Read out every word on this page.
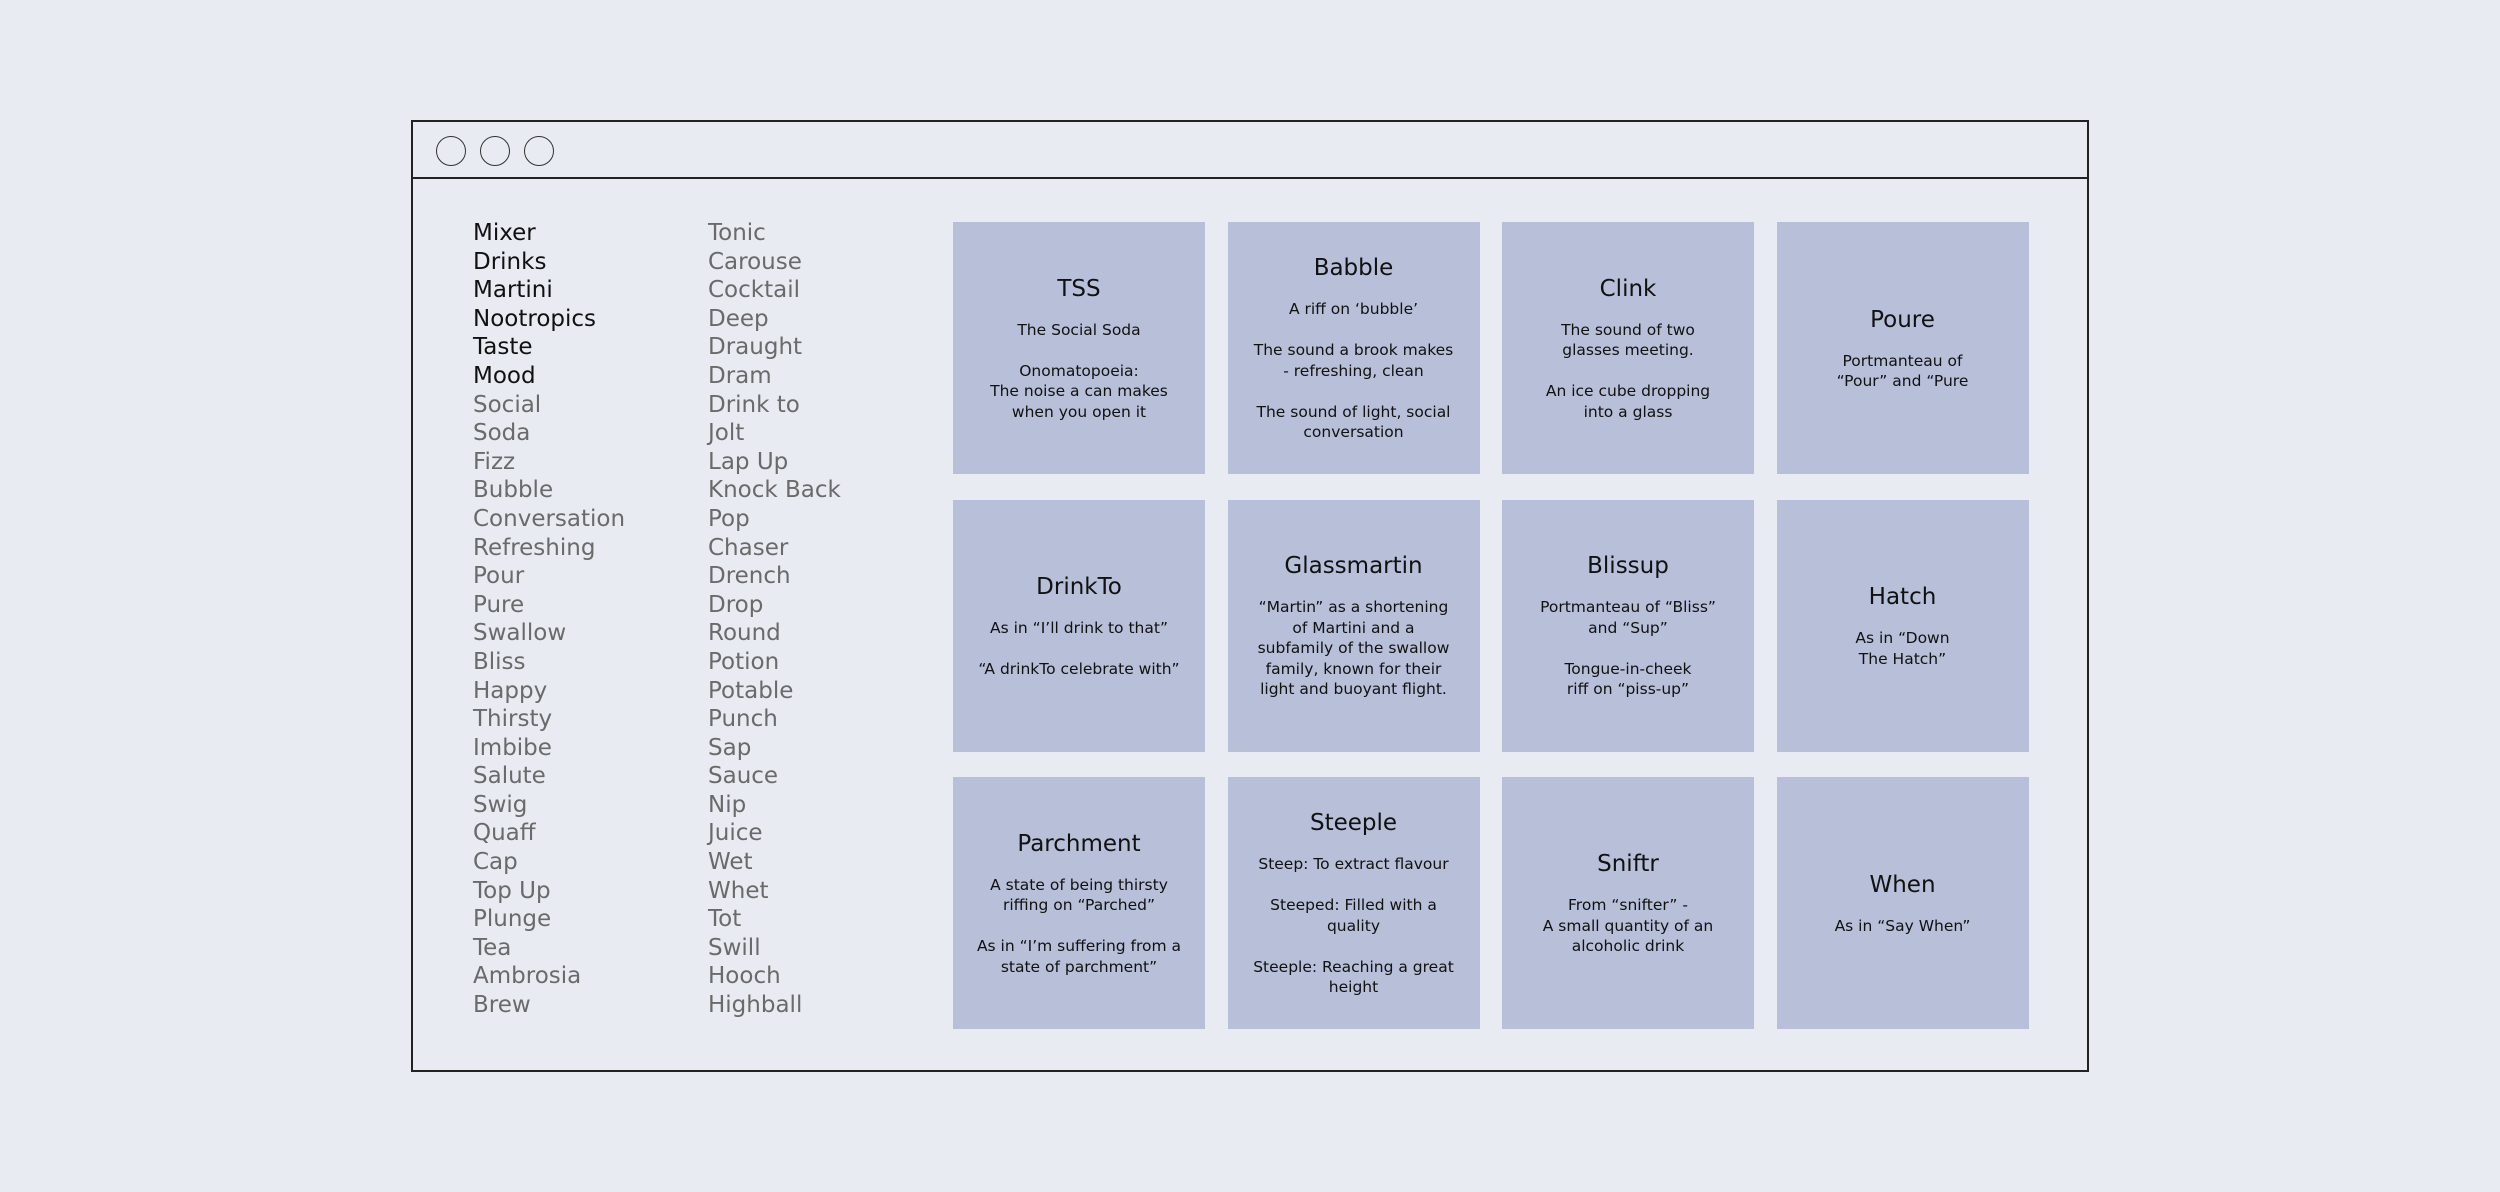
Mixer
Drinks
Martini
Nootropics
Taste
Mood
Social
Soda
Fizz
Bubble
Conversation
Refreshing
Pour
Pure
Swallow
Bliss
Happy
Thirsty
Imbibe
Salute
Swig
Quaff
Cap
Top Up
Plunge
Tea
Ambrosia
Brew
Tonic
Carouse
Cocktail
Deep
Draught
Dram
Drink to
Jolt
Lap Up
Knock Back
Pop
Chaser
Drench
Drop
Round
Potion
Potable
Punch
Sap
Sauce
Nip
Juice
Wet
Whet
Tot
Swill
Hooch
Highball
TSS
The Social Soda

Onomatopoeia:
The noise a can makes
when you open it
Babble
A riff on ‘bubble’

The sound a brook makes
- refreshing, clean

The sound of light, social
conversation
Clink
The sound of two
glasses meeting.

An ice cube dropping
into a glass
Poure
Portmanteau of
“Pour” and “Pure
DrinkTo
As in “I’ll drink to that”

“A drinkTo celebrate with”
Glassmartin
“Martin” as a shortening
of Martini and a
subfamily of the swallow
family, known for their
light and buoyant flight.
Blissup
Portmanteau of “Bliss”
and “Sup”

Tongue-in-cheek
riff on “piss-up”
Hatch
As in “Down
The Hatch”
Parchment
A state of being thirsty
riffing on “Parched”

As in “I’m suffering from a
state of parchment”
Steeple
Steep: To extract flavour

Steeped: Filled with a
quality

Steeple: Reaching a great
height
Sniftr
From “snifter” -
A small quantity of an
alcoholic drink
When
As in “Say When”
